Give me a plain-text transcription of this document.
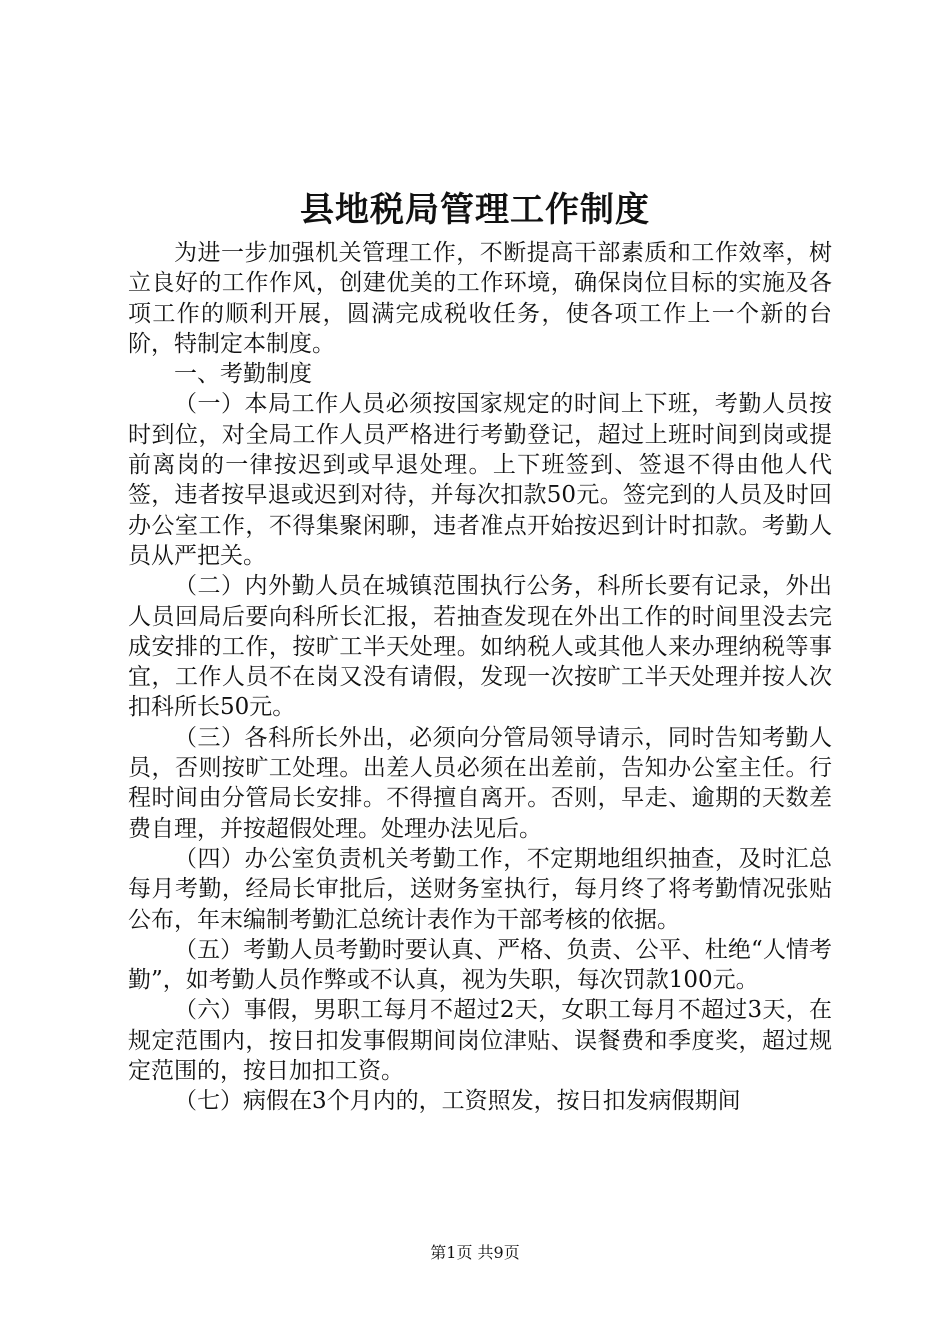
县地税局管理工作制度

为进一步加强机关管理工作，不断提高干部素质和工作效率，树立良好的工作作风，创建优美的工作环境，确保岗位目标的实施及各项工作的顺利开展，圆满完成税收任务，使各项工作上一个新的台阶，特制定本制度。

一、考勤制度

（一）本局工作人员必须按国家规定的时间上下班，考勤人员按时到位，对全局工作人员严格进行考勤登记，超过上班时间到岗或提前离岗的一律按迟到或早退处理。上下班签到、签退不得由他人代签，违者按早退或迟到对待，并每次扣款50元。签完到的人员及时回办公室工作，不得集聚闲聊，违者准点开始按迟到计时扣款。考勤人员从严把关。

（二）内外勤人员在城镇范围执行公务，科所长要有记录，外出人员回局后要向科所长汇报，若抽查发现在外出工作的时间里没去完成安排的工作，按旷工半天处理。如纳税人或其他人来办理纳税等事宜，工作人员不在岗又没有请假，发现一次按旷工半天处理并按人次扣科所长50元。

（三）各科所长外出，必须向分管局领导请示，同时告知考勤人员，否则按旷工处理。出差人员必须在出差前，告知办公室主任。行程时间由分管局长安排。不得擅自离开。否则，早走、逾期的天数差费自理，并按超假处理。处理办法见后。

（四）办公室负责机关考勤工作，不定期地组织抽查，及时汇总每月考勤，经局长审批后，送财务室执行，每月终了将考勤情况张贴公布，年末编制考勤汇总统计表作为干部考核的依据。

（五）考勤人员考勤时要认真、严格、负责、公平、杜绝“人情考勤”，如考勤人员作弊或不认真，视为失职，每次罚款100元。

（六）事假，男职工每月不超过2天，女职工每月不超过3天，在规定范围内，按日扣发事假期间岗位津贴、误餐费和季度奖，超过规定范围的，按日加扣工资。

（七）病假在3个月内的，工资照发，按日扣发病假期间

第1页 共9页
